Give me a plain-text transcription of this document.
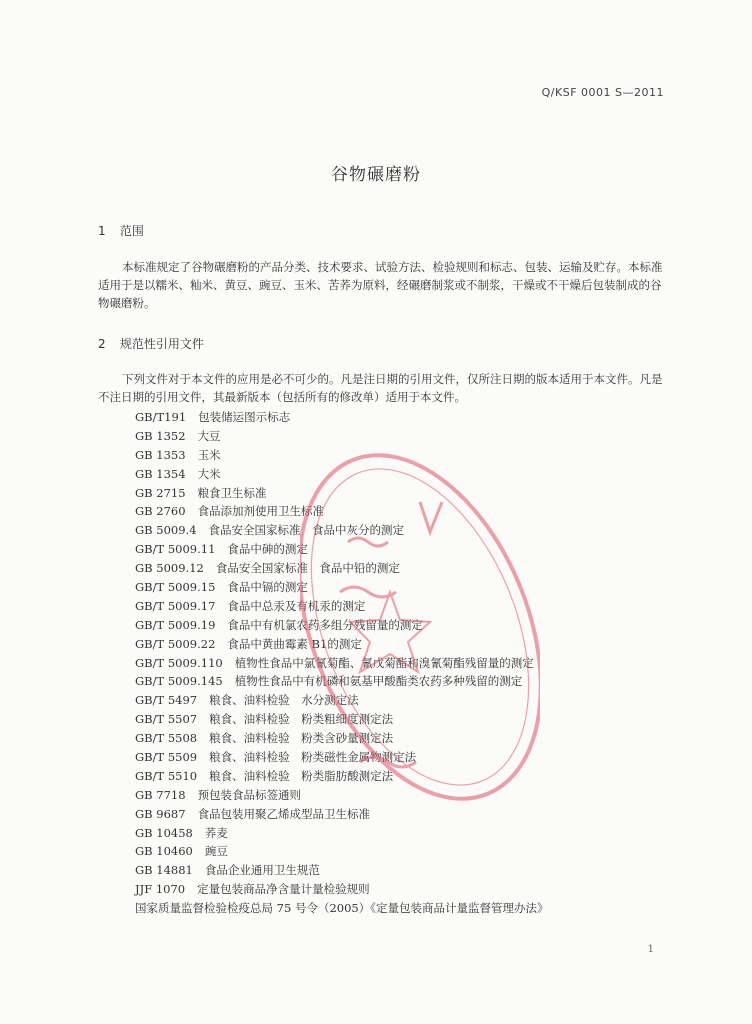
Q/KSF 0001 S—2011
谷物碾磨粉
1 范围
本标准规定了谷物碾磨粉的产品分类、技术要求、试验方法、检验规则和标志、包装、运输及贮存。本标准适用于是以糯米、籼米、黄豆、豌豆、玉米、苦荞为原料，经碾磨制浆或不制浆，干燥或不干燥后包装制成的谷物碾磨粉。
2 规范性引用文件
下列文件对于本文件的应用是必不可少的。凡是注日期的引用文件，仅所注日期的版本适用于本文件。凡是不注日期的引用文件，其最新版本（包括所有的修改单）适用于本文件。
GB/T191 包装储运图示标志
GB 1352 大豆
GB 1353 玉米
GB 1354 大米
GB 2715 粮食卫生标准
GB 2760 食品添加剂使用卫生标准
GB 5009.4 食品安全国家标准　食品中灰分的测定
GB/T 5009.11 食品中砷的测定
GB 5009.12 食品安全国家标准　食品中铅的测定
GB/T 5009.15 食品中镉的测定
GB/T 5009.17 食品中总汞及有机汞的测定
GB/T 5009.19 食品中有机氯农药多组分残留量的测定
GB/T 5009.22 食品中黄曲霉素 B1的测定
GB/T 5009.110 植物性食品中氯氰菊酯、氰戊菊酯和溴氰菊酯残留量的测定
GB/T 5009.145 植物性食品中有机磷和氨基甲酸酯类农药多种残留的测定
GB/T 5497 粮食、油料检验　水分测定法
GB/T 5507 粮食、油料检验　粉类粗细度测定法
GB/T 5508 粮食、油料检验　粉类含砂量测定法
GB/T 5509 粮食、油料检验　粉类磁性金属物测定法
GB/T 5510 粮食、油料检验　粉类脂肪酸测定法
GB 7718 预包装食品标签通则
GB 9687 食品包装用聚乙烯成型品卫生标准
GB 10458 荞麦
GB 10460 豌豆
GB 14881 食品企业通用卫生规范
JJF 1070 定量包装商品净含量计量检验规则
国家质量监督检验检疫总局 75 号令（2005）《定量包装商品计量监督管理办法》
1
